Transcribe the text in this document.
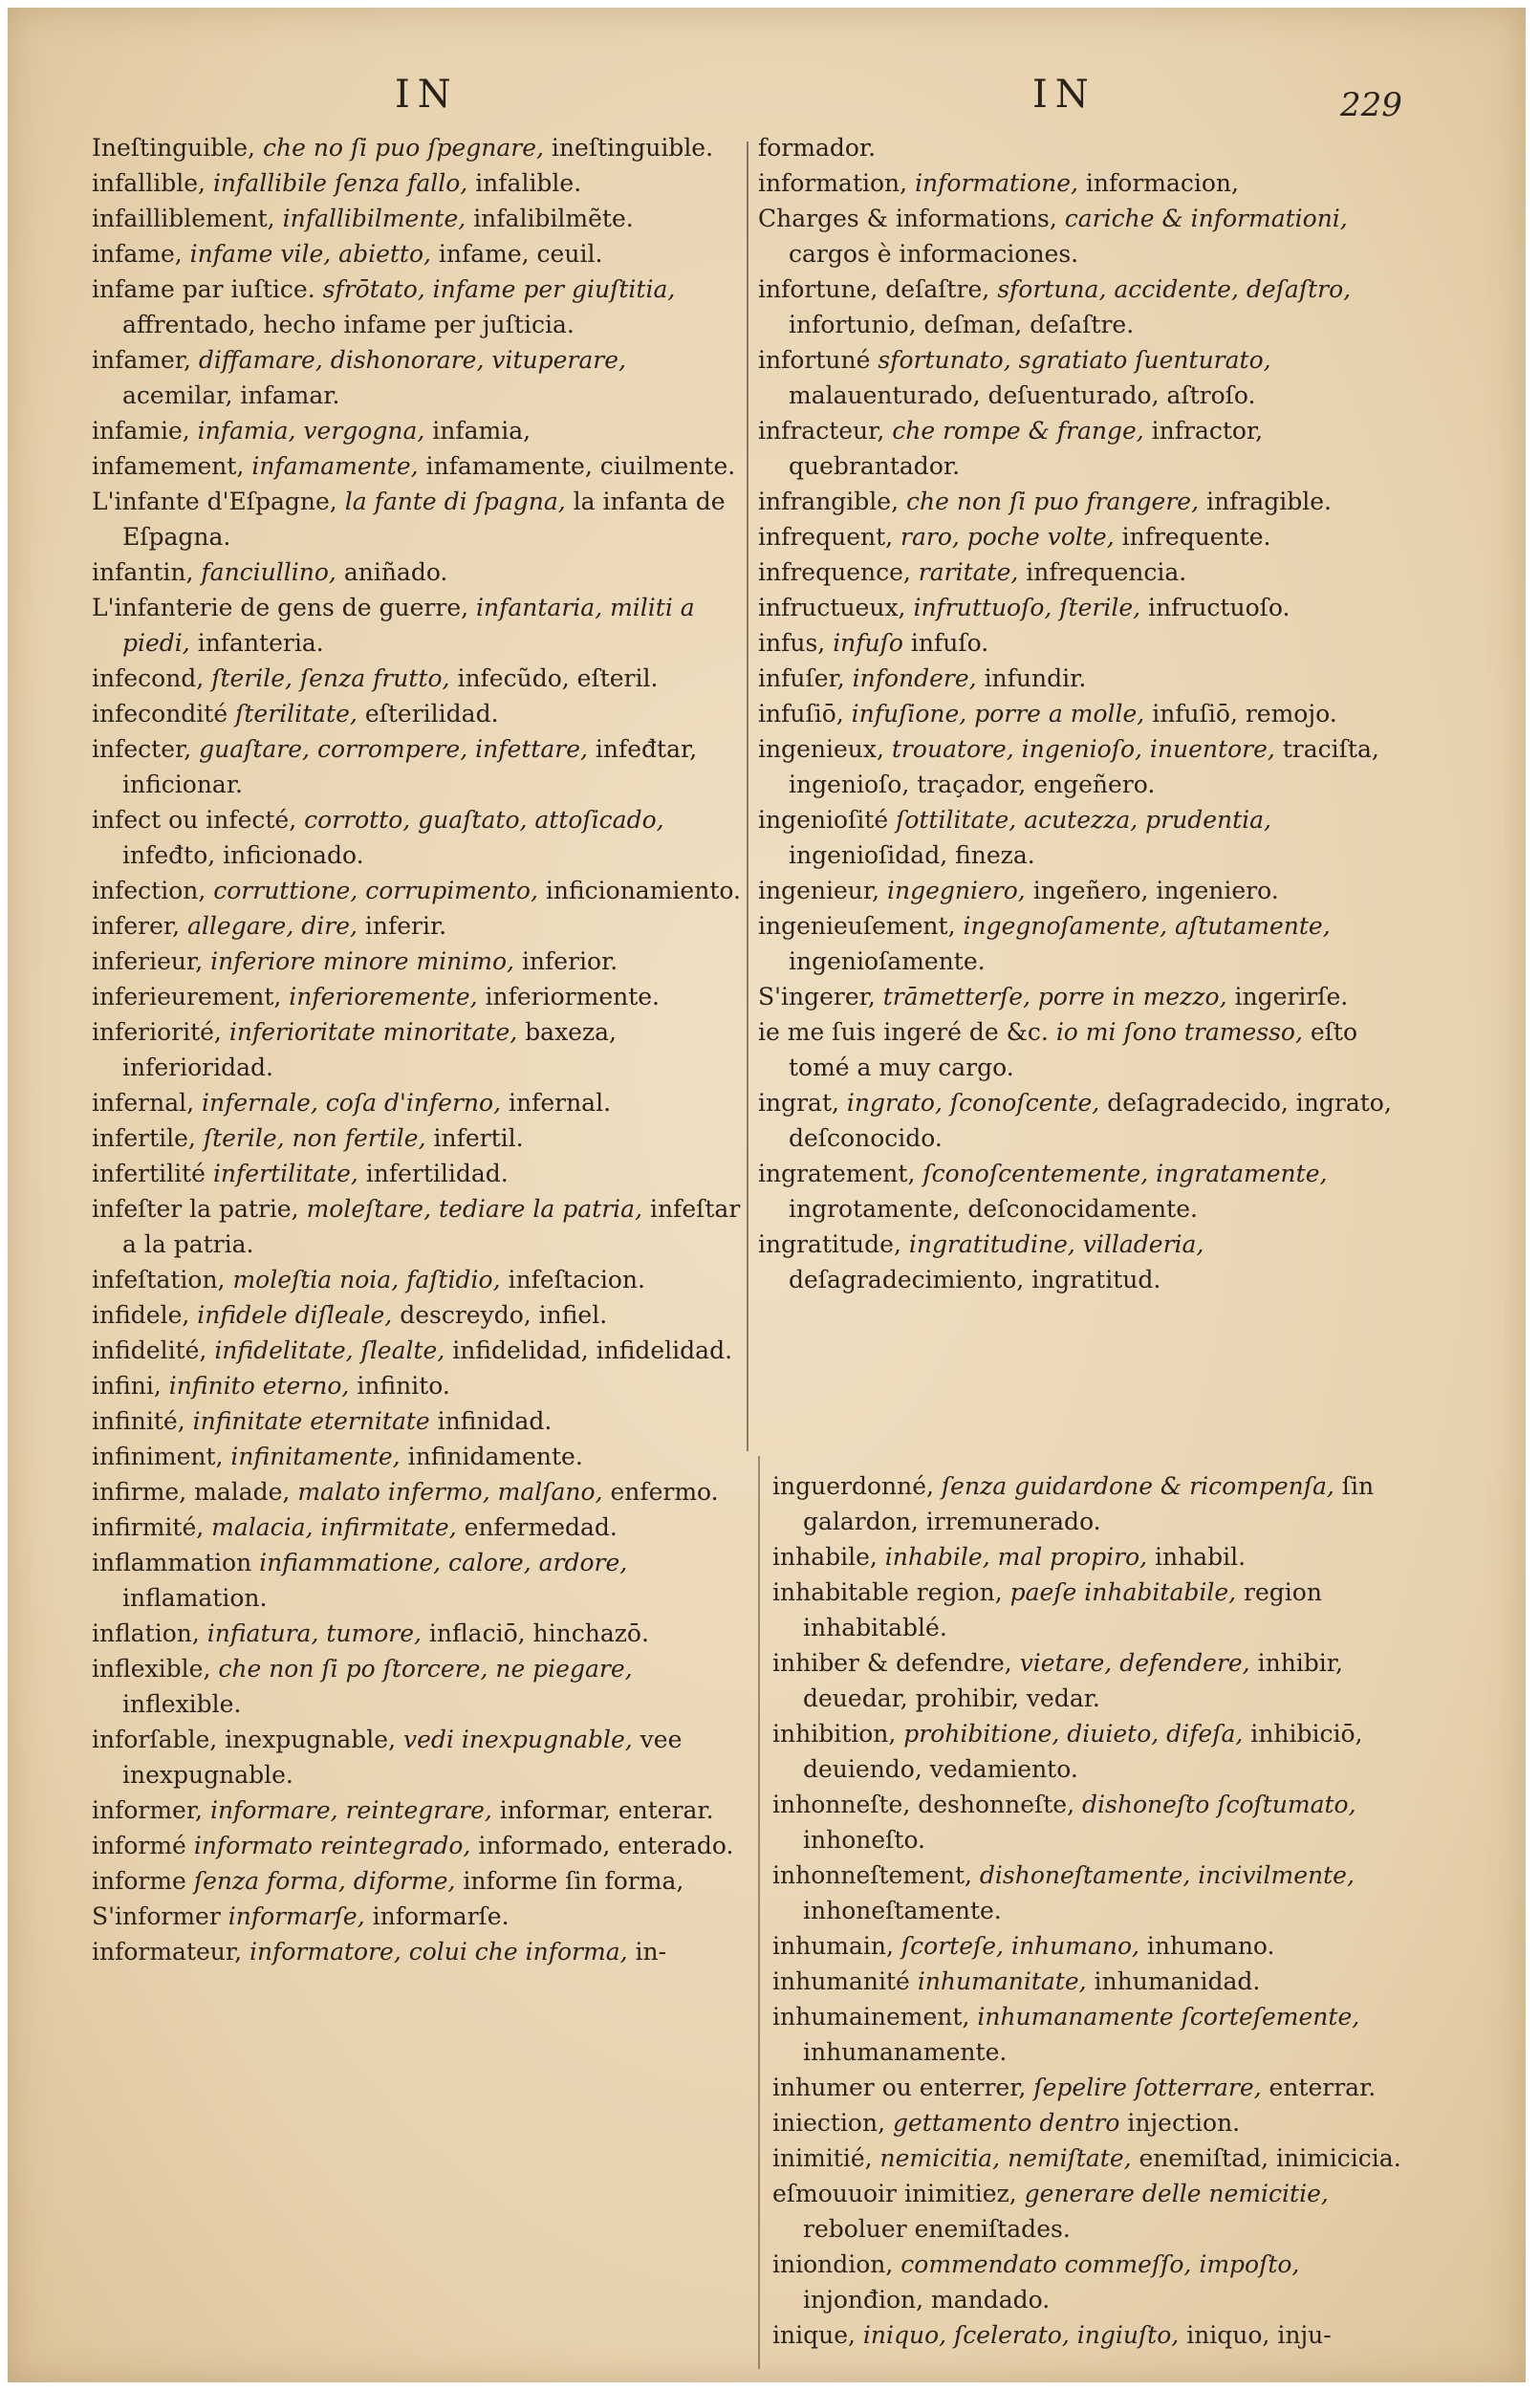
IN	IN	229

Ineſtinguible, che no ſi puo ſpegnare, ineſtinguible.

infallible, infallibile ſenza fallo, infalible.

infailliblement, infallibilmente, infalibilmẽte.

infame, infame vile, abietto, infame, ceuil.

infame par iuſtice. sfrōtato, infame per giuſtitia, affrentado, hecho infame per juſticia.

infamer, diffamare, dishonorare, vituperare, acemilar, infamar.

infamie, infamia, vergogna, infamia,

infamement, infamamente, infamamente, ciuilmente.

L'infante d'Eſpagne, la fante di ſpagna, la infanta de Eſpagna.

infantin, fanciullino, aniñado.

L'infanterie de gens de guerre, infantaria, militi a piedi, infanteria.

infecond, ſterile, ſenza frutto, infecũdo, eſteril.

infecondité ſterilitate, eſterilidad.

infecter, guaſtare, corrompere, infettare, infeđtar, inficionar.

infect ou infecté, corrotto, guaſtato, attoſicado, infeđto, inficionado.

infection, corruttione, corrupimento, inficionamiento.

inferer, allegare, dire, inferir.

inferieur, inferiore minore minimo, inferior.

inferieurement, inferioremente, inferiormente.

inferiorité, inferioritate minoritate, baxeza, inferioridad.

infernal, infernale, coſa d'inferno, infernal.

infertile, ſterile, non fertile, infertil.

infertilité infertilitate, infertilidad.

infeſter la patrie, moleſtare, tediare la patria, infeſtar a la patria.

infeſtation, moleſtia noia, faſtidio, infeſtacion.

infidele, infidele diſleale, descreydo, infiel.

infidelité, infidelitate, ſlealte, infidelidad, infidelidad.

infini, infinito eterno, infinito.

infinité, infinitate eternitate infinidad.

infiniment, infinitamente, infinidamente.

infirme, malade, malato infermo, malſano, enfermo.

infirmité, malacia, infirmitate, enfermedad.

inflammation infiammatione, calore, ardore, inflamation.

inflation, infiatura, tumore, inflaciō, hinchazō.

inflexible, che non ſi po ſtorcere, ne piegare, inflexible.

inforſable, inexpugnable, vedi inexpugnable, vee inexpugnable.

informer, informare, reintegrare, informar, enterar.

informé informato reintegrado, informado, enterado.

informe ſenza forma, diforme, informe ſin forma,

S'informer informarſe, informarſe.

informateur, informatore, colui che informa, in-

formador.

information, informatione, informacion,

Charges & informations, cariche & informationi, cargos è informaciones.

infortune, deſaſtre, sfortuna, accidente, deſaſtro, infortunio, deſman, deſaſtre.

infortuné sfortunato, sgratiato ſuenturato, malauenturado, deſuenturado, aſtroſo.

infracteur, che rompe & frange, infractor, quebrantador.

infrangible, che non ſi puo frangere, infragible.

infrequent, raro, poche volte, infrequente.

infrequence, raritate, infrequencia.

infructueux, infruttuoſo, ſterile, infructuoſo.

infus, infuſo infuſo.

infuſer, infondere, infundir.

infuſiō, infuſione, porre a molle, infuſiō, remojo.

ingenieux, trouatore, ingenioſo, inuentore, traciſta, ingenioſo, traçador, engeñero.

ingenioſité ſottilitate, acutezza, prudentia, ingenioſidad, fineza.

ingenieur, ingegniero, ingeñero, ingeniero.

ingenieuſement, ingegnoſamente, aſtutamente, ingenioſamente.

S'ingerer, trāmetterſe, porre in mezzo, ingerirſe.

ie me ſuis ingeré de &c. io mi ſono tramesso, eſto tomé a muy cargo.

ingrat, ingrato, ſconoſcente, deſagradecido, ingrato, deſconocido.

ingratement, ſconoſcentemente, ingratamente, ingrotamente, deſconocidamente.

ingratitude, ingratitudine, villaderia, deſagradecimiento, ingratitud.

inguerdonné, ſenza guidardone & ricompenſa, ſin galardon, irremunerado.

inhabile, inhabile, mal propiro, inhabil.

inhabitable region, paeſe inhabitabile, region inhabitablé.

inhiber & defendre, vietare, defendere, inhibir, deuedar, prohibir, vedar.

inhibition, prohibitione, diuieto, difeſa, inhibiciō, deuiendo, vedamiento.

inhonneſte, deshonneſte, dishoneſto ſcoſtumato, inhoneſto.

inhonneſtement, dishoneſtamente, incivilmente, inhoneſtamente.

inhumain, ſcorteſe, inhumano, inhumano.

inhumanité inhumanitate, inhumanidad.

inhumainement, inhumanamente ſcorteſemente, inhumanamente.

inhumer ou enterrer, ſepelire ſotterrare, enterrar.

iniection, gettamento dentro injection.

inimitié, nemicitia, nemiſtate, enemiſtad, inimicicia.

eſmouuoir inimitiez, generare delle nemicitie, reboluer enemiſtades.

iniondion, commendato commeſſo, impoſto, injonđion, mandado.

inique, iniquo, ſcelerato, ingiuſto, iniquo, inju-
